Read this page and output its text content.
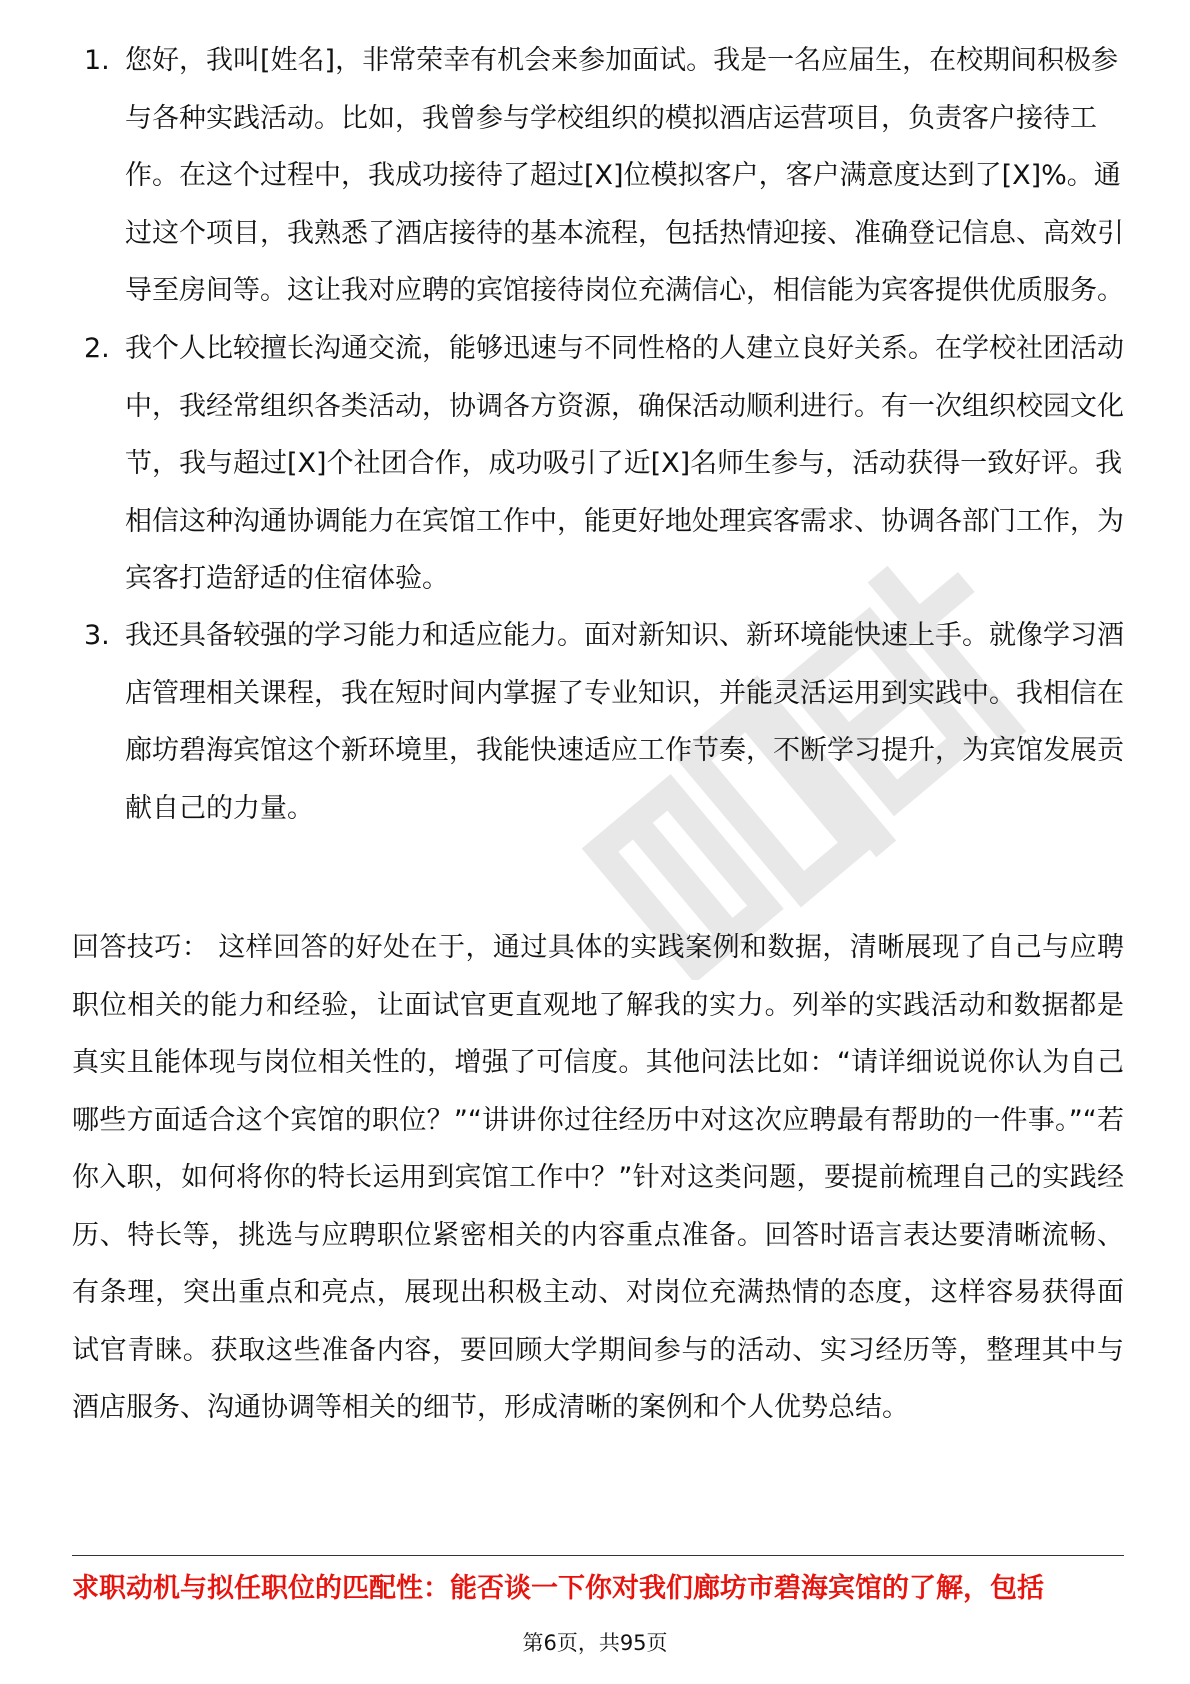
1. 您好，我叫[姓名]，非常荣幸有机会来参加面试。我是一名应届生，在校期间积极参与各种实践活动。比如，我曾参与学校组织的模拟酒店运营项目，负责客户接待工作。在这个过程中，我成功接待了超过[X]位模拟客户，客户满意度达到了[X]%。通过这个项目，我熟悉了酒店接待的基本流程，包括热情迎接、准确登记信息、高效引导至房间等。这让我对应聘的宾馆接待岗位充满信心，相信能为宾客提供优质服务。
2. 我个人比较擅长沟通交流，能够迅速与不同性格的人建立良好关系。在学校社团活动中，我经常组织各类活动，协调各方资源，确保活动顺利进行。有一次组织校园文化节，我与超过[X]个社团合作，成功吸引了近[X]名师生参与，活动获得一致好评。我相信这种沟通协调能力在宾馆工作中，能更好地处理宾客需求、协调各部门工作，为宾客打造舒适的住宿体验。
3. 我还具备较强的学习能力和适应能力。面对新知识、新环境能快速上手。就像学习酒店管理相关课程，我在短时间内掌握了专业知识，并能灵活运用到实践中。我相信在廊坊碧海宾馆这个新环境里，我能快速适应工作节奏，不断学习提升，为宾馆发展贡献自己的力量。

回答技巧： 这样回答的好处在于，通过具体的实践案例和数据，清晰展现了自己与应聘职位相关的能力和经验，让面试官更直观地了解我的实力。列举的实践活动和数据都是真实且能体现与岗位相关性的，增强了可信度。其他问法比如：“请详细说说你认为自己哪些方面适合这个宾馆的职位？”“讲讲你过往经历中对这次应聘最有帮助的一件事。”“若你入职，如何将你的特长运用到宾馆工作中？”针对这类问题，要提前梳理自己的实践经历、特长等，挑选与应聘职位紧密相关的内容重点准备。回答时语言表达要清晰流畅、有条理，突出重点和亮点，展现出积极主动、对岗位充满热情的态度，这样容易获得面试官青睐。获取这些准备内容，要回顾大学期间参与的活动、实习经历等，整理其中与酒店服务、沟通协调等相关的细节，形成清晰的案例和个人优势总结。

求职动机与拟任职位的匹配性：能否谈一下你对我们廊坊市碧海宾馆的了解，包括

第6页，共95页
